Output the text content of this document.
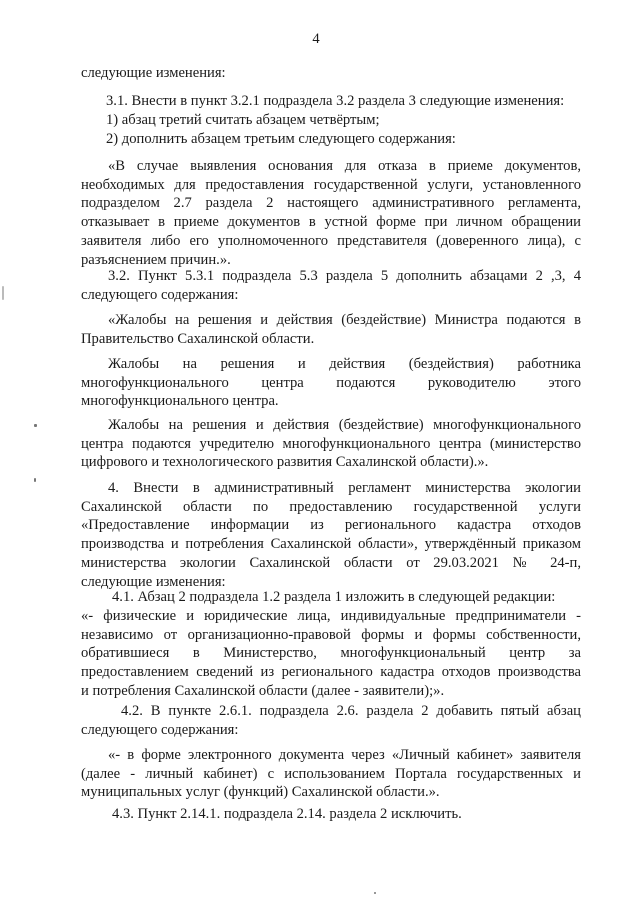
4

следующие изменения:

3.1. Внести в пункт 3.2.1 подраздела 3.2 раздела 3 следующие изменения:

1) абзац третий считать абзацем четвёртым;
2) дополнить абзацем третьим следующего содержания:

«В случае выявления основания для отказа в приеме документов,
необходимых для предоставления государственной услуги, установленного
подразделом 2.7 раздела 2 настоящего административного регламента,
отказывает в приеме документов в устной форме при личном обращении
заявителя либо его уполномоченного представителя (доверенного лица), с
разъяснением причин.».

3.2. Пункт 5.3.1 подраздела 5.3 раздела 5 дополнить абзацами 2 ,3, 4
следующего содержания:

«Жалобы на решения и действия (бездействие) Министра подаются в
Правительство Сахалинской области.

Жалобы на решения и действия (бездействия) работника
многофункционального центра подаются руководителю этого
многофункционального центра.

Жалобы на решения и действия (бездействие) многофункционального
центра подаются учредителю многофункционального центра (министерство
цифрового и технологического развития Сахалинской области).».

4. Внести в административный регламент министерства экологии
Сахалинской области по предоставлению государственной услуги
«Предоставление информации из регионального кадастра отходов
производства и потребления Сахалинской области», утверждённый приказом
министерства экологии Сахалинской области от 29.03.2021 № 24-п,
следующие изменения:

4.1. Абзац 2 подраздела 1.2 раздела 1 изложить в следующей редакции:

«- физические и юридические лица, индивидуальные предприниматели -
независимо от организационно-правовой формы и формы собственности,
обратившиеся в Министерство, многофункциональный центр за
предоставлением сведений из регионального кадастра отходов производства
и потребления Сахалинской области (далее - заявители);».

4.2. В пункте 2.6.1. подраздела 2.6. раздела 2 добавить пятый абзац
следующего содержания:

«- в форме электронного документа через «Личный кабинет» заявителя
(далее - личный кабинет) с использованием Портала государственных и
муниципальных услуг (функций) Сахалинской области.».

4.3. Пункт 2.14.1. подраздела 2.14. раздела 2 исключить.
